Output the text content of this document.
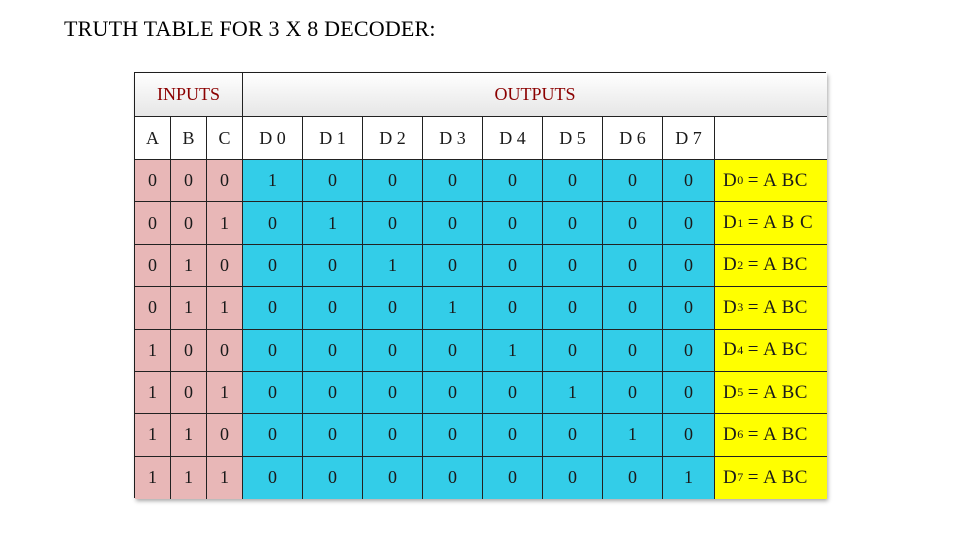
TRUTH TABLE FOR 3 X 8 DECODER:
INPUTS	OUTPUTS
A	B	C	D 0	D 1	D 2	D 3	D 4	D 5	D 6	D 7
0	0	0	1	0	0	0	0	0	0	0	D 0 = A BC
0	0	1	0	1	0	0	0	0	0	0	D 1 = A B C
0	1	0	0	0	1	0	0	0	0	0	D 2 = A BC
0	1	1	0	0	0	1	0	0	0	0	D 3 = A BC
1	0	0	0	0	0	0	1	0	0	0	D 4 = A BC
1	0	1	0	0	0	0	0	1	0	0	D 5 = A BC
1	1	0	0	0	0	0	0	0	1	0	D 6 = A BC
1	1	1	0	0	0	0	0	0	0	1	D 7 = A BC
